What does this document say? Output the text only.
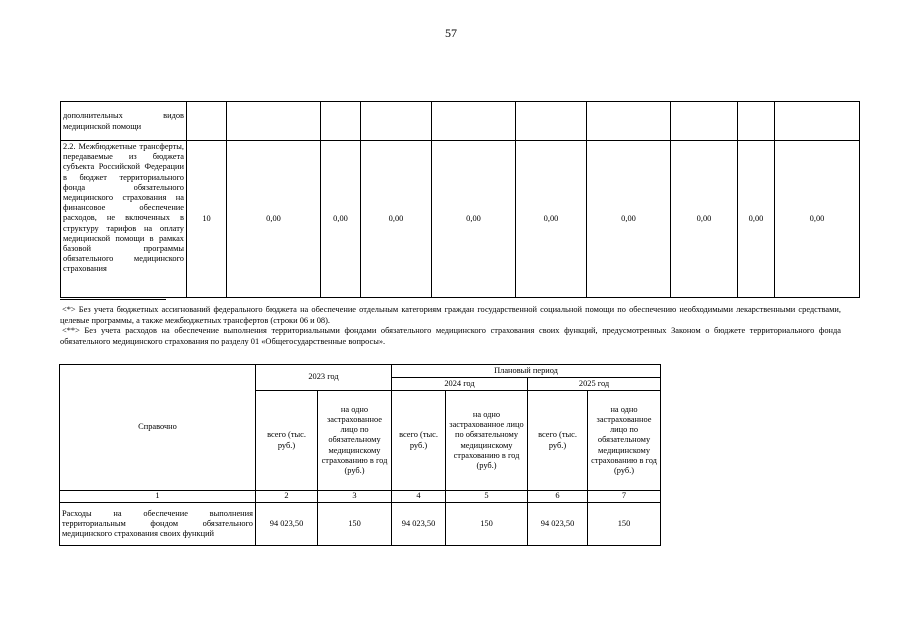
57
дополнительных видов медицинской помощи										
2.2. Межбюджетные трансферты, передаваемые из бюджета субъекта Российской Федерации в бюджет территориального фонда обязательного медицинского страхования на финансовое обеспечение расходов, не включенных в структуру тарифов на оплату медицинской помощи в рамках базовой программы обязательного медицинского страхования	10	0,00	0,00	0,00	0,00	0,00	0,00	0,00	0,00	0,00

<*> Без учета бюджетных ассигнований федерального бюджета на обеспечение отдельным категориям граждан государственной социальной помощи по обеспечению необходимыми лекарственными средствами, целевые программы, а также межбюджетных трансфертов (строки 06 и 08).

<**> Без учета расходов на обеспечение выполнения территориальными фондами обязательного медицинского страхования своих функций, предусмотренных Законом о бюджете территориального фонда обязательного медицинского страхования по разделу 01 «Общегосударственные вопросы».

Справочно	2023 год		Плановый период			
			2024 год		2025 год	
	всего (тыс. руб.)	на одно застрахованное лицо по обязательному медицинскому страхованию в год (руб.)	всего (тыс. руб.)	на одно застрахованное лицо по обязательному медицинскому страхованию в год (руб.)	всего (тыс. руб.)	на одно застрахованное лицо по обязательному медицинскому страхованию в год (руб.)
1	2	3	4	5	6	7
Расходы на обеспечение выполнения территориальным фондом обязательного медицинского страхования своих функций	94 023,50	150	94 023,50	150	94 023,50	150
